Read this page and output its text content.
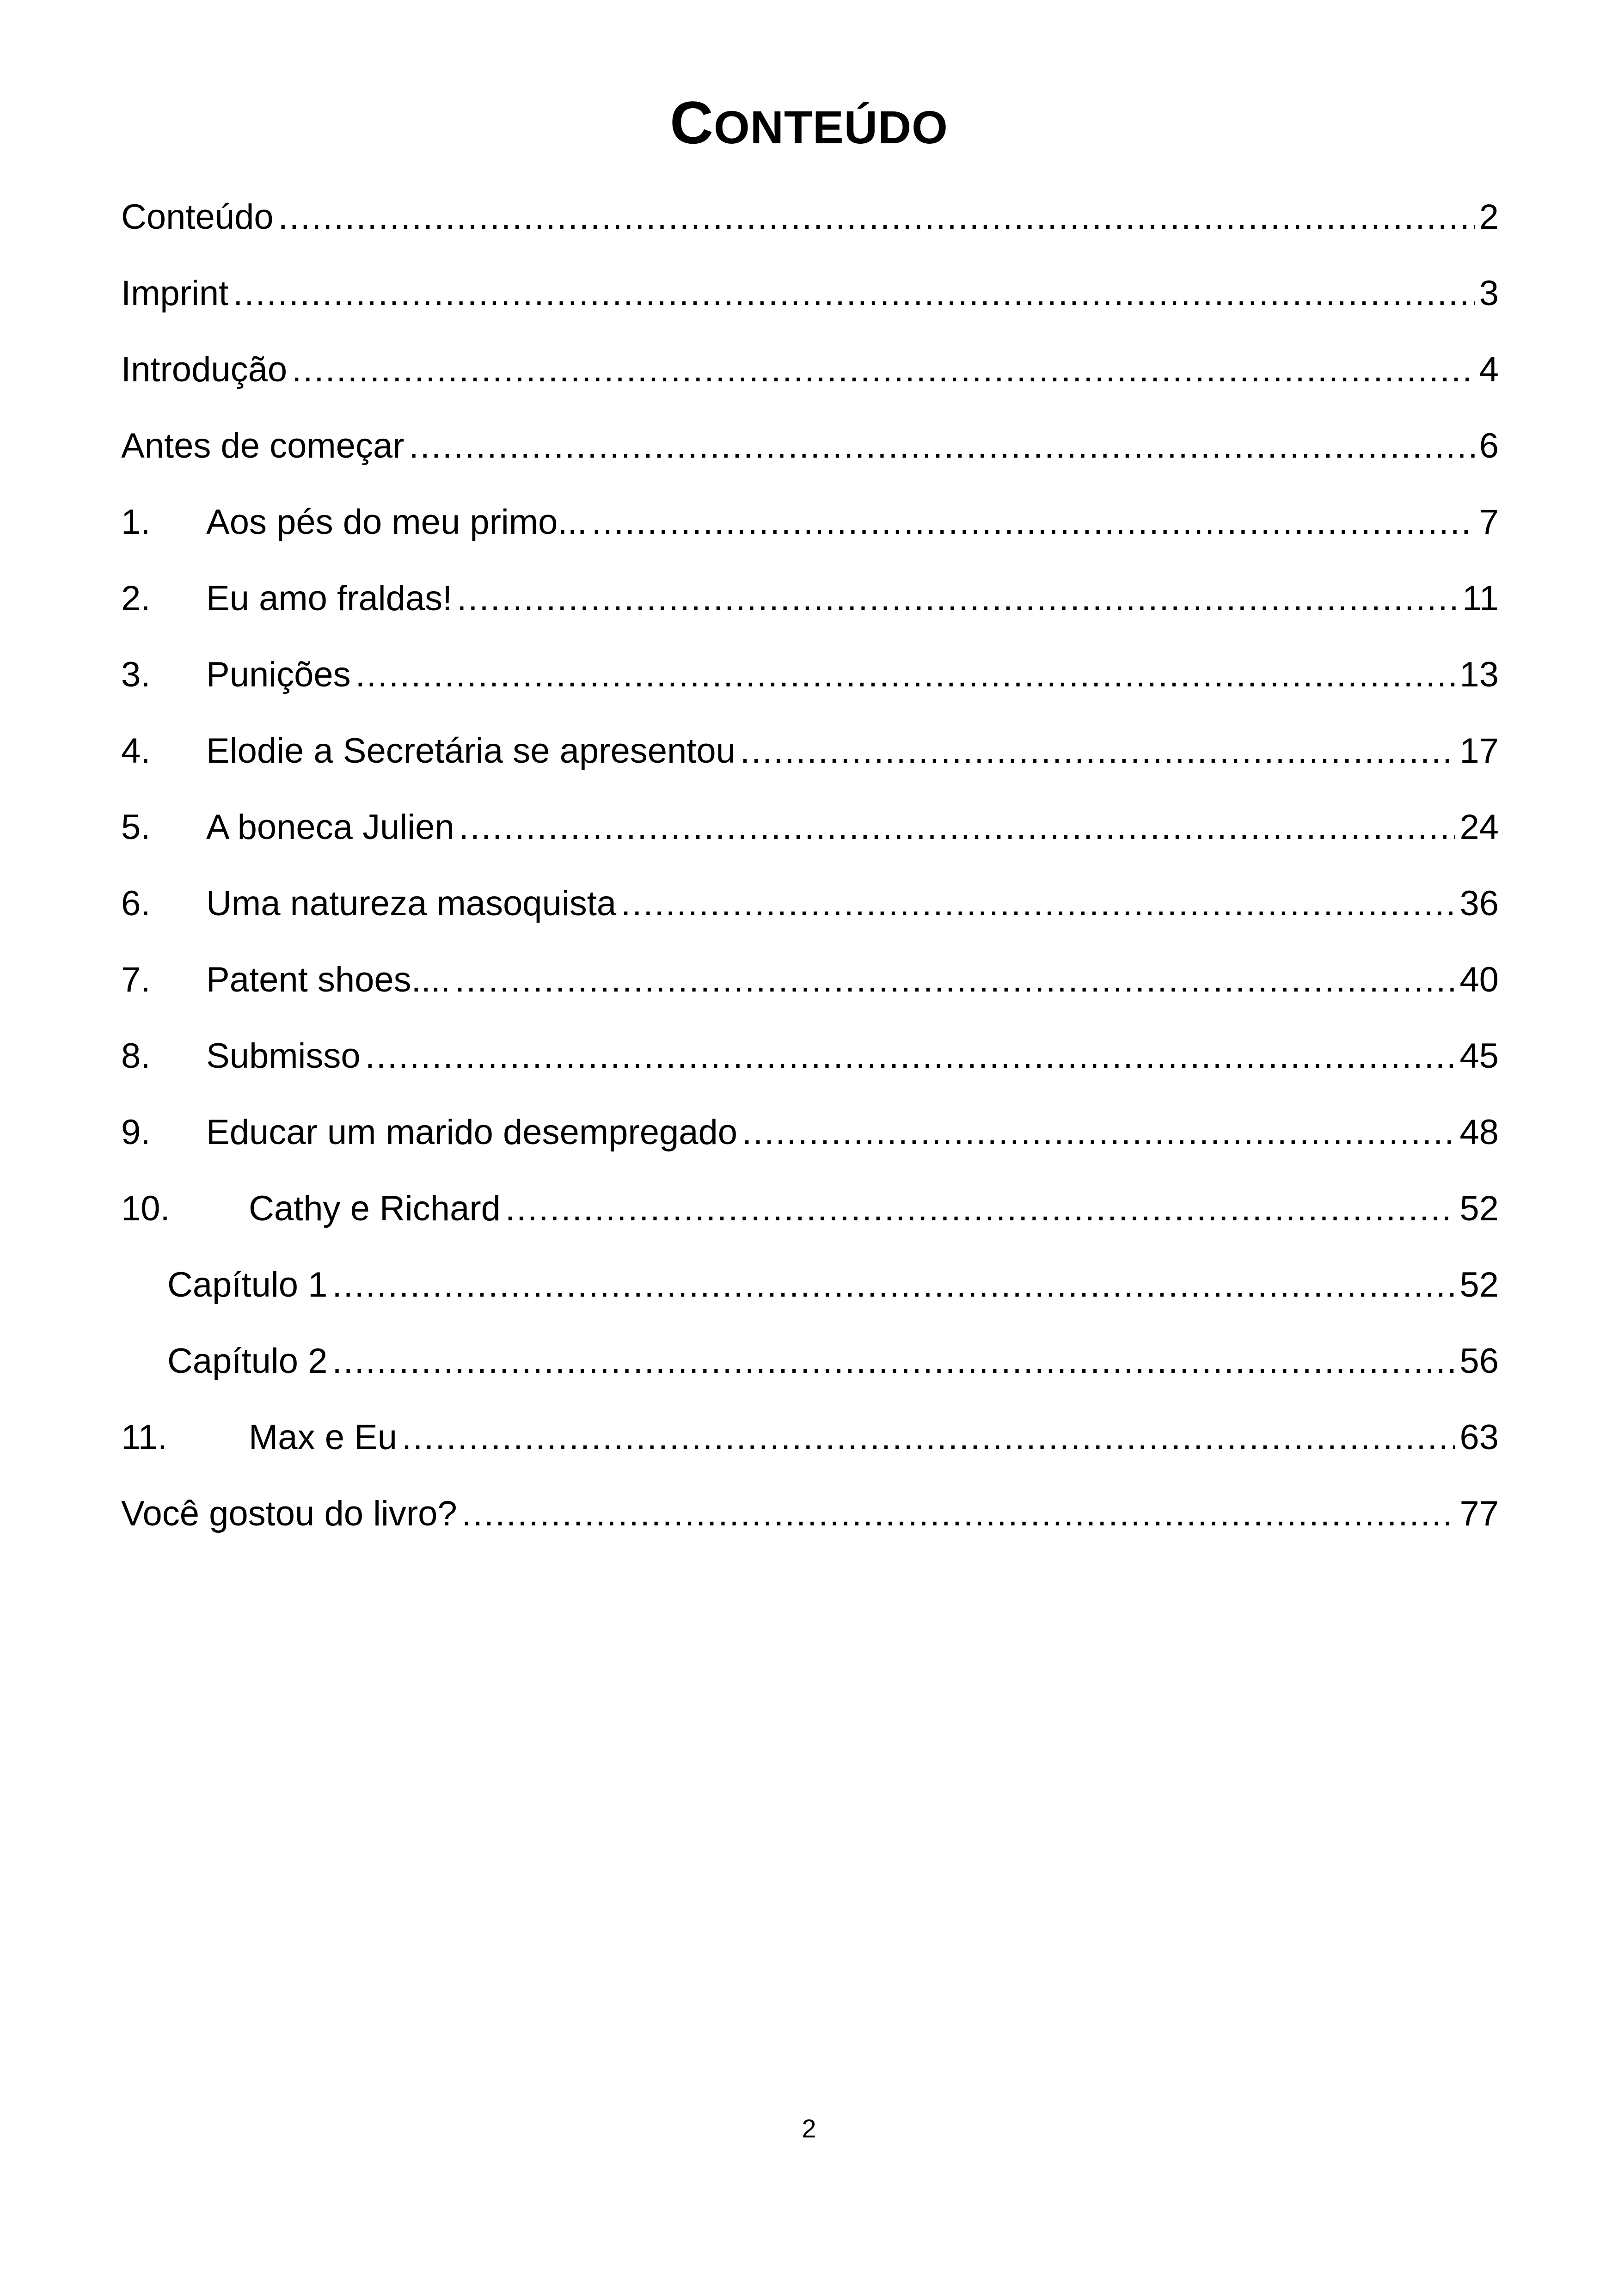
CONTEÚDO
Conteúdo .....	2
Imprint .....	3
Introdução .....	4
Antes de começar .....	6
1.	Aos pés do meu primo... .....	7
2.	Eu amo fraldas! .....	11
3.	Punições .....	13
4.	Elodie a Secretária se apresentou .....	17
5.	A boneca Julien .....	24
6.	Uma natureza masoquista .....	36
7.	Patent shoes.... .....	40
8.	Submisso .....	45
9.	Educar um marido desempregado .....	48
10.	Cathy e Richard .....	52
Capítulo 1 .....	52
Capítulo 2 .....	56
11.	Max e Eu .....	63
Você gostou do livro? .....	77
2
